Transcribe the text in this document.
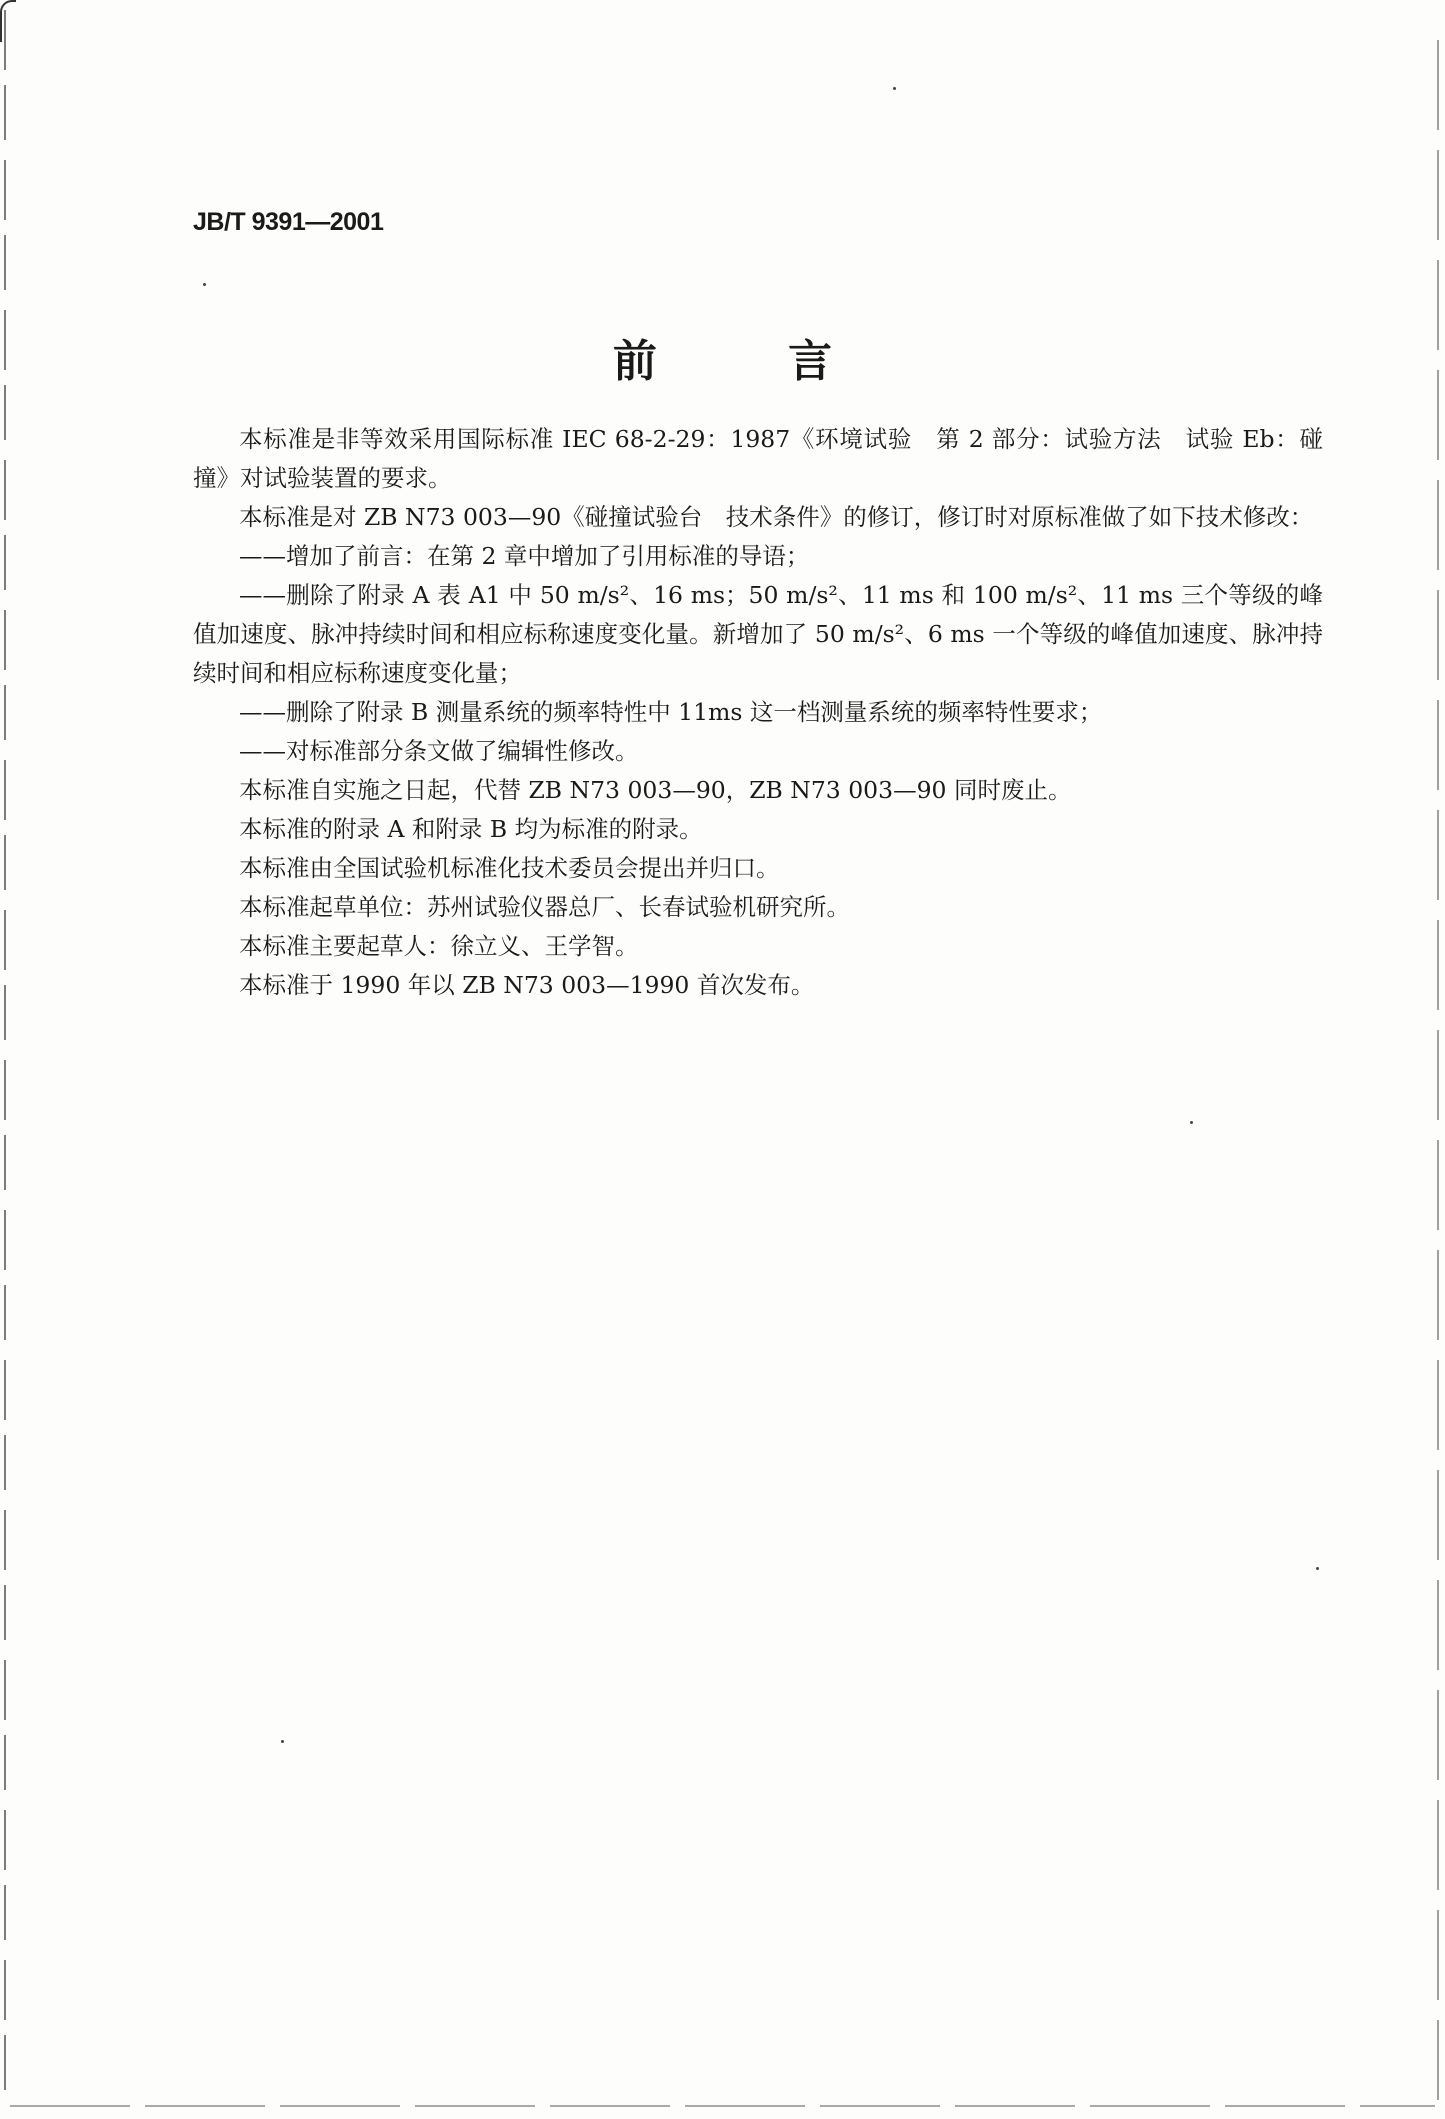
JB/T 9391—2001
前 言

本标准是非等效采用国际标准 IEC 68-2-29：1987《环境试验　第 2 部分：试验方法　试验 Eb：碰撞》对试验装置的要求。

本标准是对 ZB N73 003—90《碰撞试验台　技术条件》的修订，修订时对原标准做了如下技术修改：

——增加了前言：在第 2 章中增加了引用标准的导语；

——删除了附录 A 表 A1 中 50 m/s²、16 ms；50 m/s²、11 ms 和 100 m/s²、11 ms 三个等级的峰值加速度、脉冲持续时间和相应标称速度变化量。新增加了 50 m/s²、6 ms 一个等级的峰值加速度、脉冲持续时间和相应标称速度变化量；

——删除了附录 B 测量系统的频率特性中 11ms 这一档测量系统的频率特性要求；

——对标准部分条文做了编辑性修改。

本标准自实施之日起，代替 ZB N73 003—90，ZB N73 003—90 同时废止。

本标准的附录 A 和附录 B 均为标准的附录。

本标准由全国试验机标准化技术委员会提出并归口。

本标准起草单位：苏州试验仪器总厂、长春试验机研究所。

本标准主要起草人：徐立义、王学智。

本标准于 1990 年以 ZB N73 003—1990 首次发布。
